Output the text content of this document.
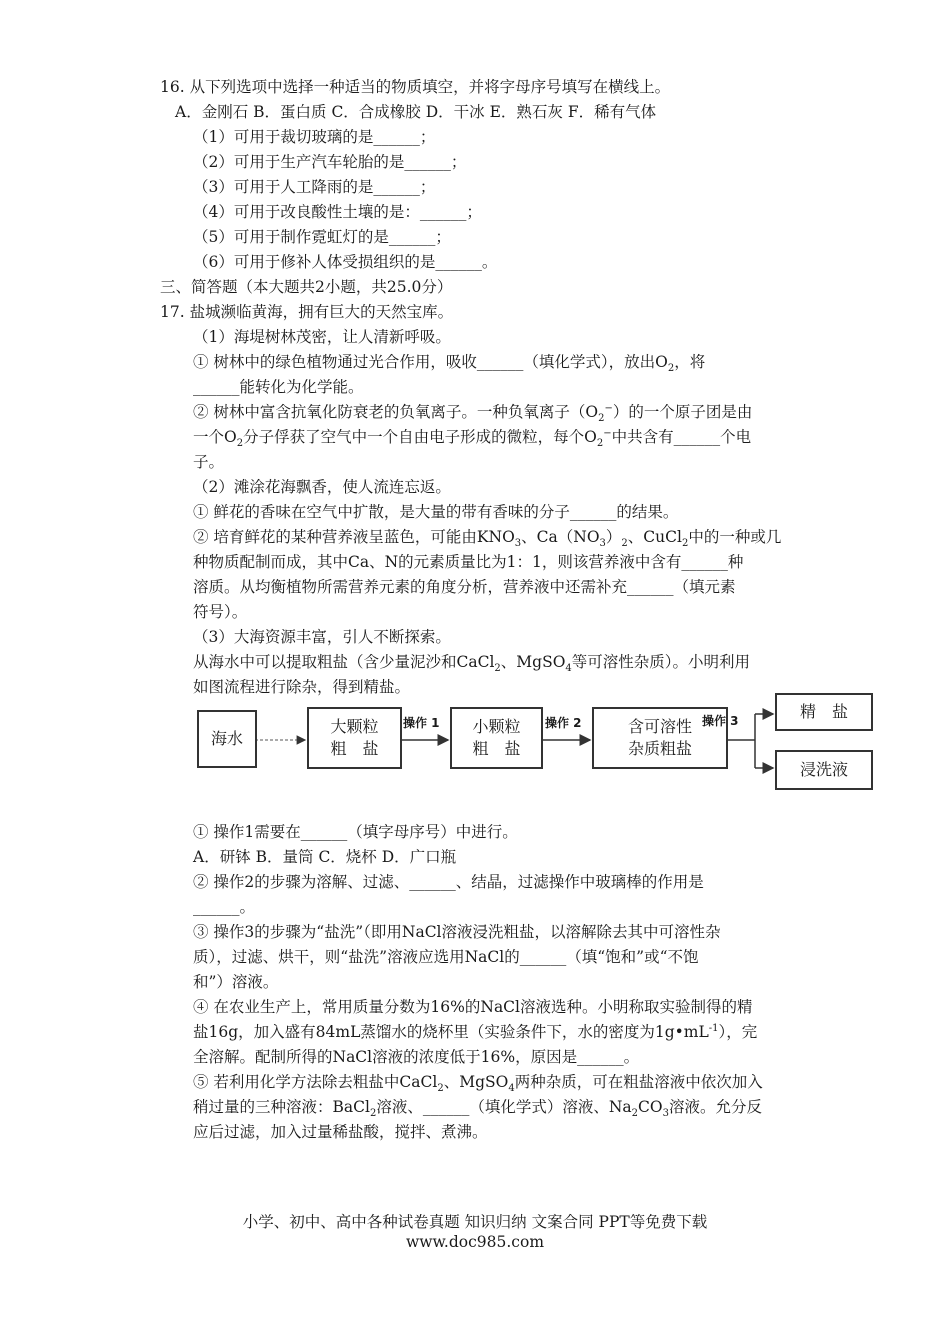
16. 从下列选项中选择一种适当的物质填空，并将字母序号填写在横线上。
A．金刚石 B．蛋白质 C．合成橡胶 D．干冰 E．熟石灰 F．稀有气体
（1）可用于裁切玻璃的是______；
（2）可用于生产汽车轮胎的是______；
（3）可用于人工降雨的是______；
（4）可用于改良酸性土壤的是：______；
（5）可用于制作霓虹灯的是______；
（6）可用于修补人体受损组织的是______。
三、简答题（本大题共2小题，共25.0分）
17. 盐城濒临黄海，拥有巨大的天然宝库。
（1）海堤树林茂密，让人清新呼吸。
① 树林中的绿色植物通过光合作用，吸收______（填化学式），放出$O_2$，将
______能转化为化学能。
② 树林中富含抗氧化防衰老的负氧离子。一种负氧离子$(O_2^-)$的一个原子团是由
一个$O_2$分子俘获了空气中一个自由电子形成的微粒，每个$O_2^-$中共含有______个电
子。
（2）滩涂花海飘香，使人流连忘返。
① 鲜花的香味在空气中扩散，是大量的带有香味的分子______的结果。
② 培育鲜花的某种营养液呈蓝色，可能由$KNO_3$、$Ca(NO_3)_2$、CuCl$_2$中的一种或几
种物质配制而成，其中Ca、N的元素质量比为1：1，则该营养液中含有______种
溶质。从均衡植物所需营养元素的角度分析，营养液中还需补充______（填元素
符号）。
（3）大海资源丰富，引人不断探索。
从海水中可以提取粗盐（含少量泥沙和CaCl$_2$、MgSO$_4$等可溶性杂质）。小明利用
如图流程进行除杂，得到精盐。
海水
大颗粒
粗　盐
操作 1 小颗粒
粗　盐
操作 2	含可溶性
杂质粗盐
操作 3	精　盐
浸洗液
① 操作1需要在______（填字母序号）中进行。
A．研钵 B．量筒 C．烧杯 D．广口瓶
② 操作2的步骤为溶解、过滤、______、结晶，过滤操作中玻璃棒的作用是
______。
③ 操作3的步骤为“盐洗”（即用NaCl溶液浸洗粗盐，以溶解除去其中可溶性杂
质），过滤、烘干，则“盐洗”溶液应选用NaCl的______（填“饱和”或“不饱
和”）溶液。
④ 在农业生产上，常用质量分数为16%的NaCl溶液选种。小明称取实验制得的精
盐16g，加入盛有84mL蒸馏水的烧杯里（实验条件下，水的密度为$1g•mL^{-1}$），完
全溶解。配制所得的NaCl溶液的浓度低于16%，原因是______。
⑤ 若利用化学方法除去粗盐中CaCl$_2$、MgSO$_4$两种杂质，可在粗盐溶液中依次加入
稍过量的三种溶液：BaCl$_2$溶液、______（填化学式）溶液、$Na_2CO_3$溶液。允分反
应后过滤，加入过量稀盐酸，搅拌、煮沸。
小学、初中、高中各种试卷真题 知识归纳 文案合同 PPT等免费下载
www.doc985.com
